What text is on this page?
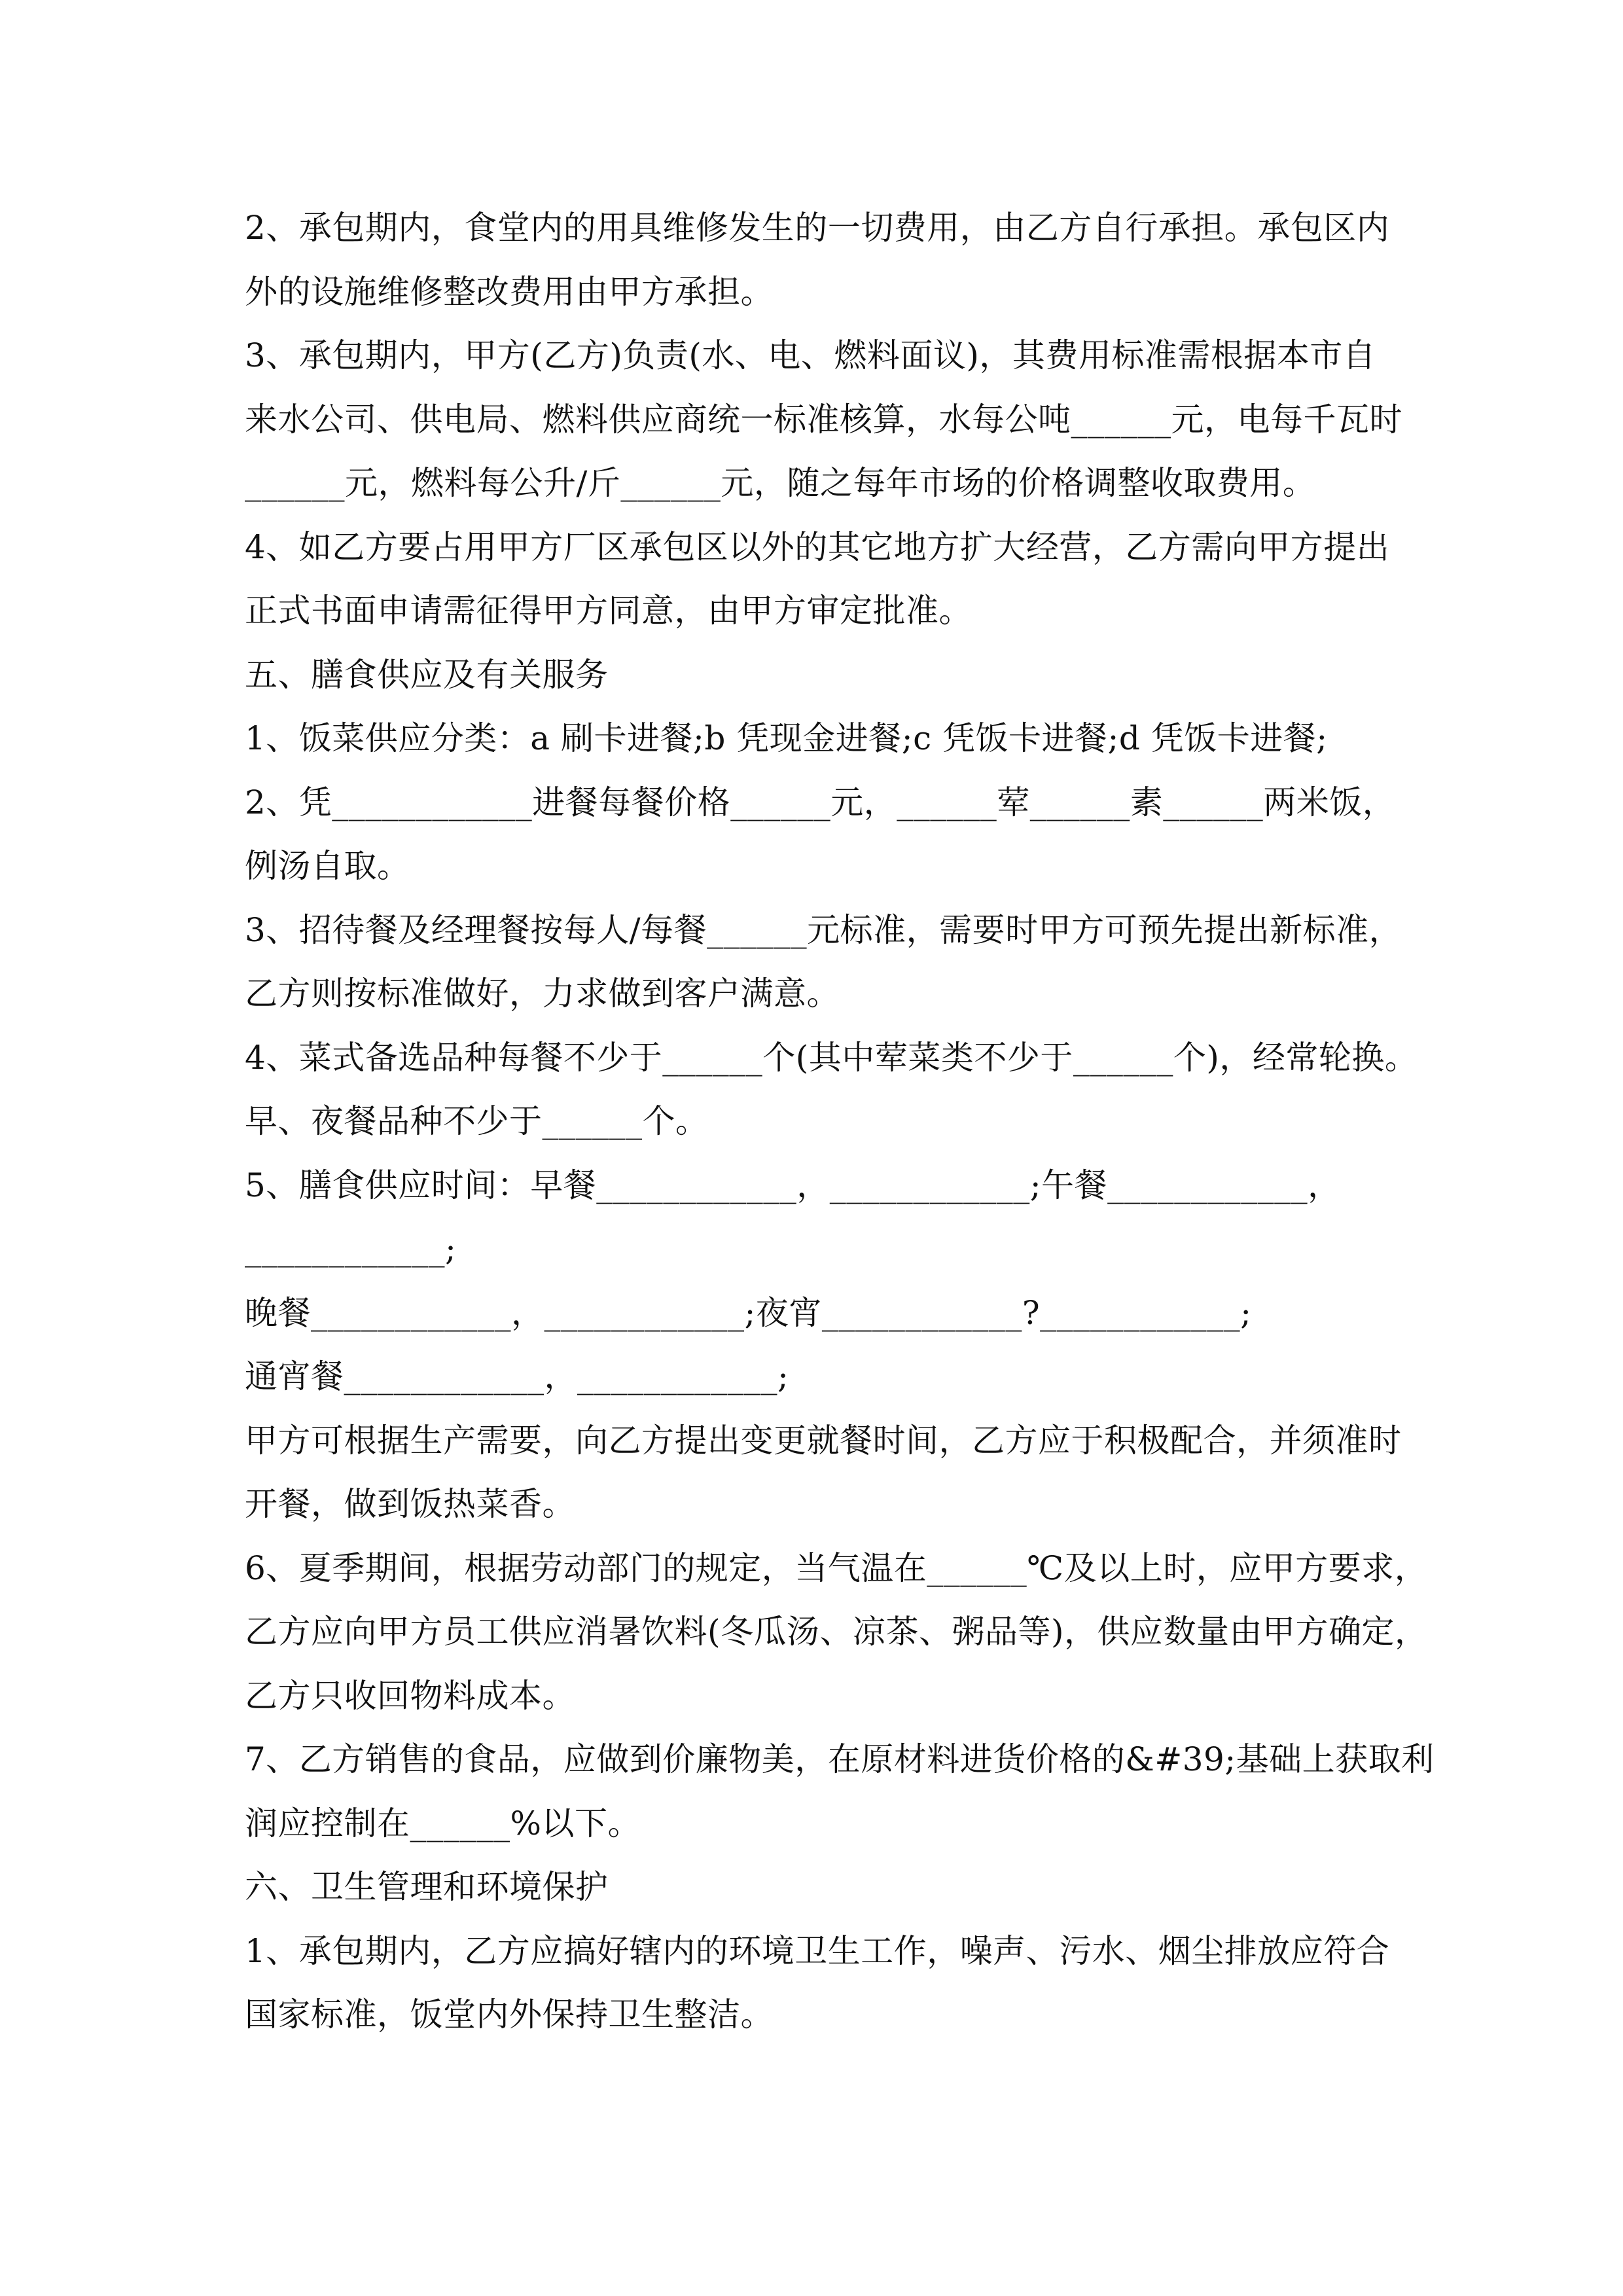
2、承包期内，食堂内的用具维修发生的一切费用，由乙方自行承担。承包区内
外的设施维修整改费用由甲方承担。
3、承包期内，甲方(乙方)负责(水、电、燃料面议)，其费用标准需根据本市自
来水公司、供电局、燃料供应商统一标准核算，水每公吨______元，电每千瓦时
______元，燃料每公升/斤______元，随之每年市场的价格调整收取费用。
4、如乙方要占用甲方厂区承包区以外的其它地方扩大经营，乙方需向甲方提出
正式书面申请需征得甲方同意，由甲方审定批准。
五、膳食供应及有关服务
1、饭菜供应分类：a 刷卡进餐;b 凭现金进餐;c 凭饭卡进餐;d 凭饭卡进餐;
2、凭____________进餐每餐价格______元，______荤______素______两米饭，
例汤自取。
3、招待餐及经理餐按每人/每餐______元标准，需要时甲方可预先提出新标准，
乙方则按标准做好，力求做到客户满意。
4、菜式备选品种每餐不少于______个(其中荤菜类不少于______个)，经常轮换。
早、夜餐品种不少于______个。
5、膳食供应时间：早餐____________，____________;午餐____________，
____________;
晚餐____________，____________;夜宵____________?____________;
通宵餐____________，____________;
甲方可根据生产需要，向乙方提出变更就餐时间，乙方应于积极配合，并须准时
开餐，做到饭热菜香。
6、夏季期间，根据劳动部门的规定，当气温在______℃及以上时，应甲方要求，
乙方应向甲方员工供应消暑饮料(冬瓜汤、凉茶、粥品等)，供应数量由甲方确定，
乙方只收回物料成本。
7、乙方销售的食品，应做到价廉物美，在原材料进货价格的&#39;基础上获取利
润应控制在______%以下。
六、卫生管理和环境保护
1、承包期内，乙方应搞好辖内的环境卫生工作，噪声、污水、烟尘排放应符合
国家标准，饭堂内外保持卫生整洁。
